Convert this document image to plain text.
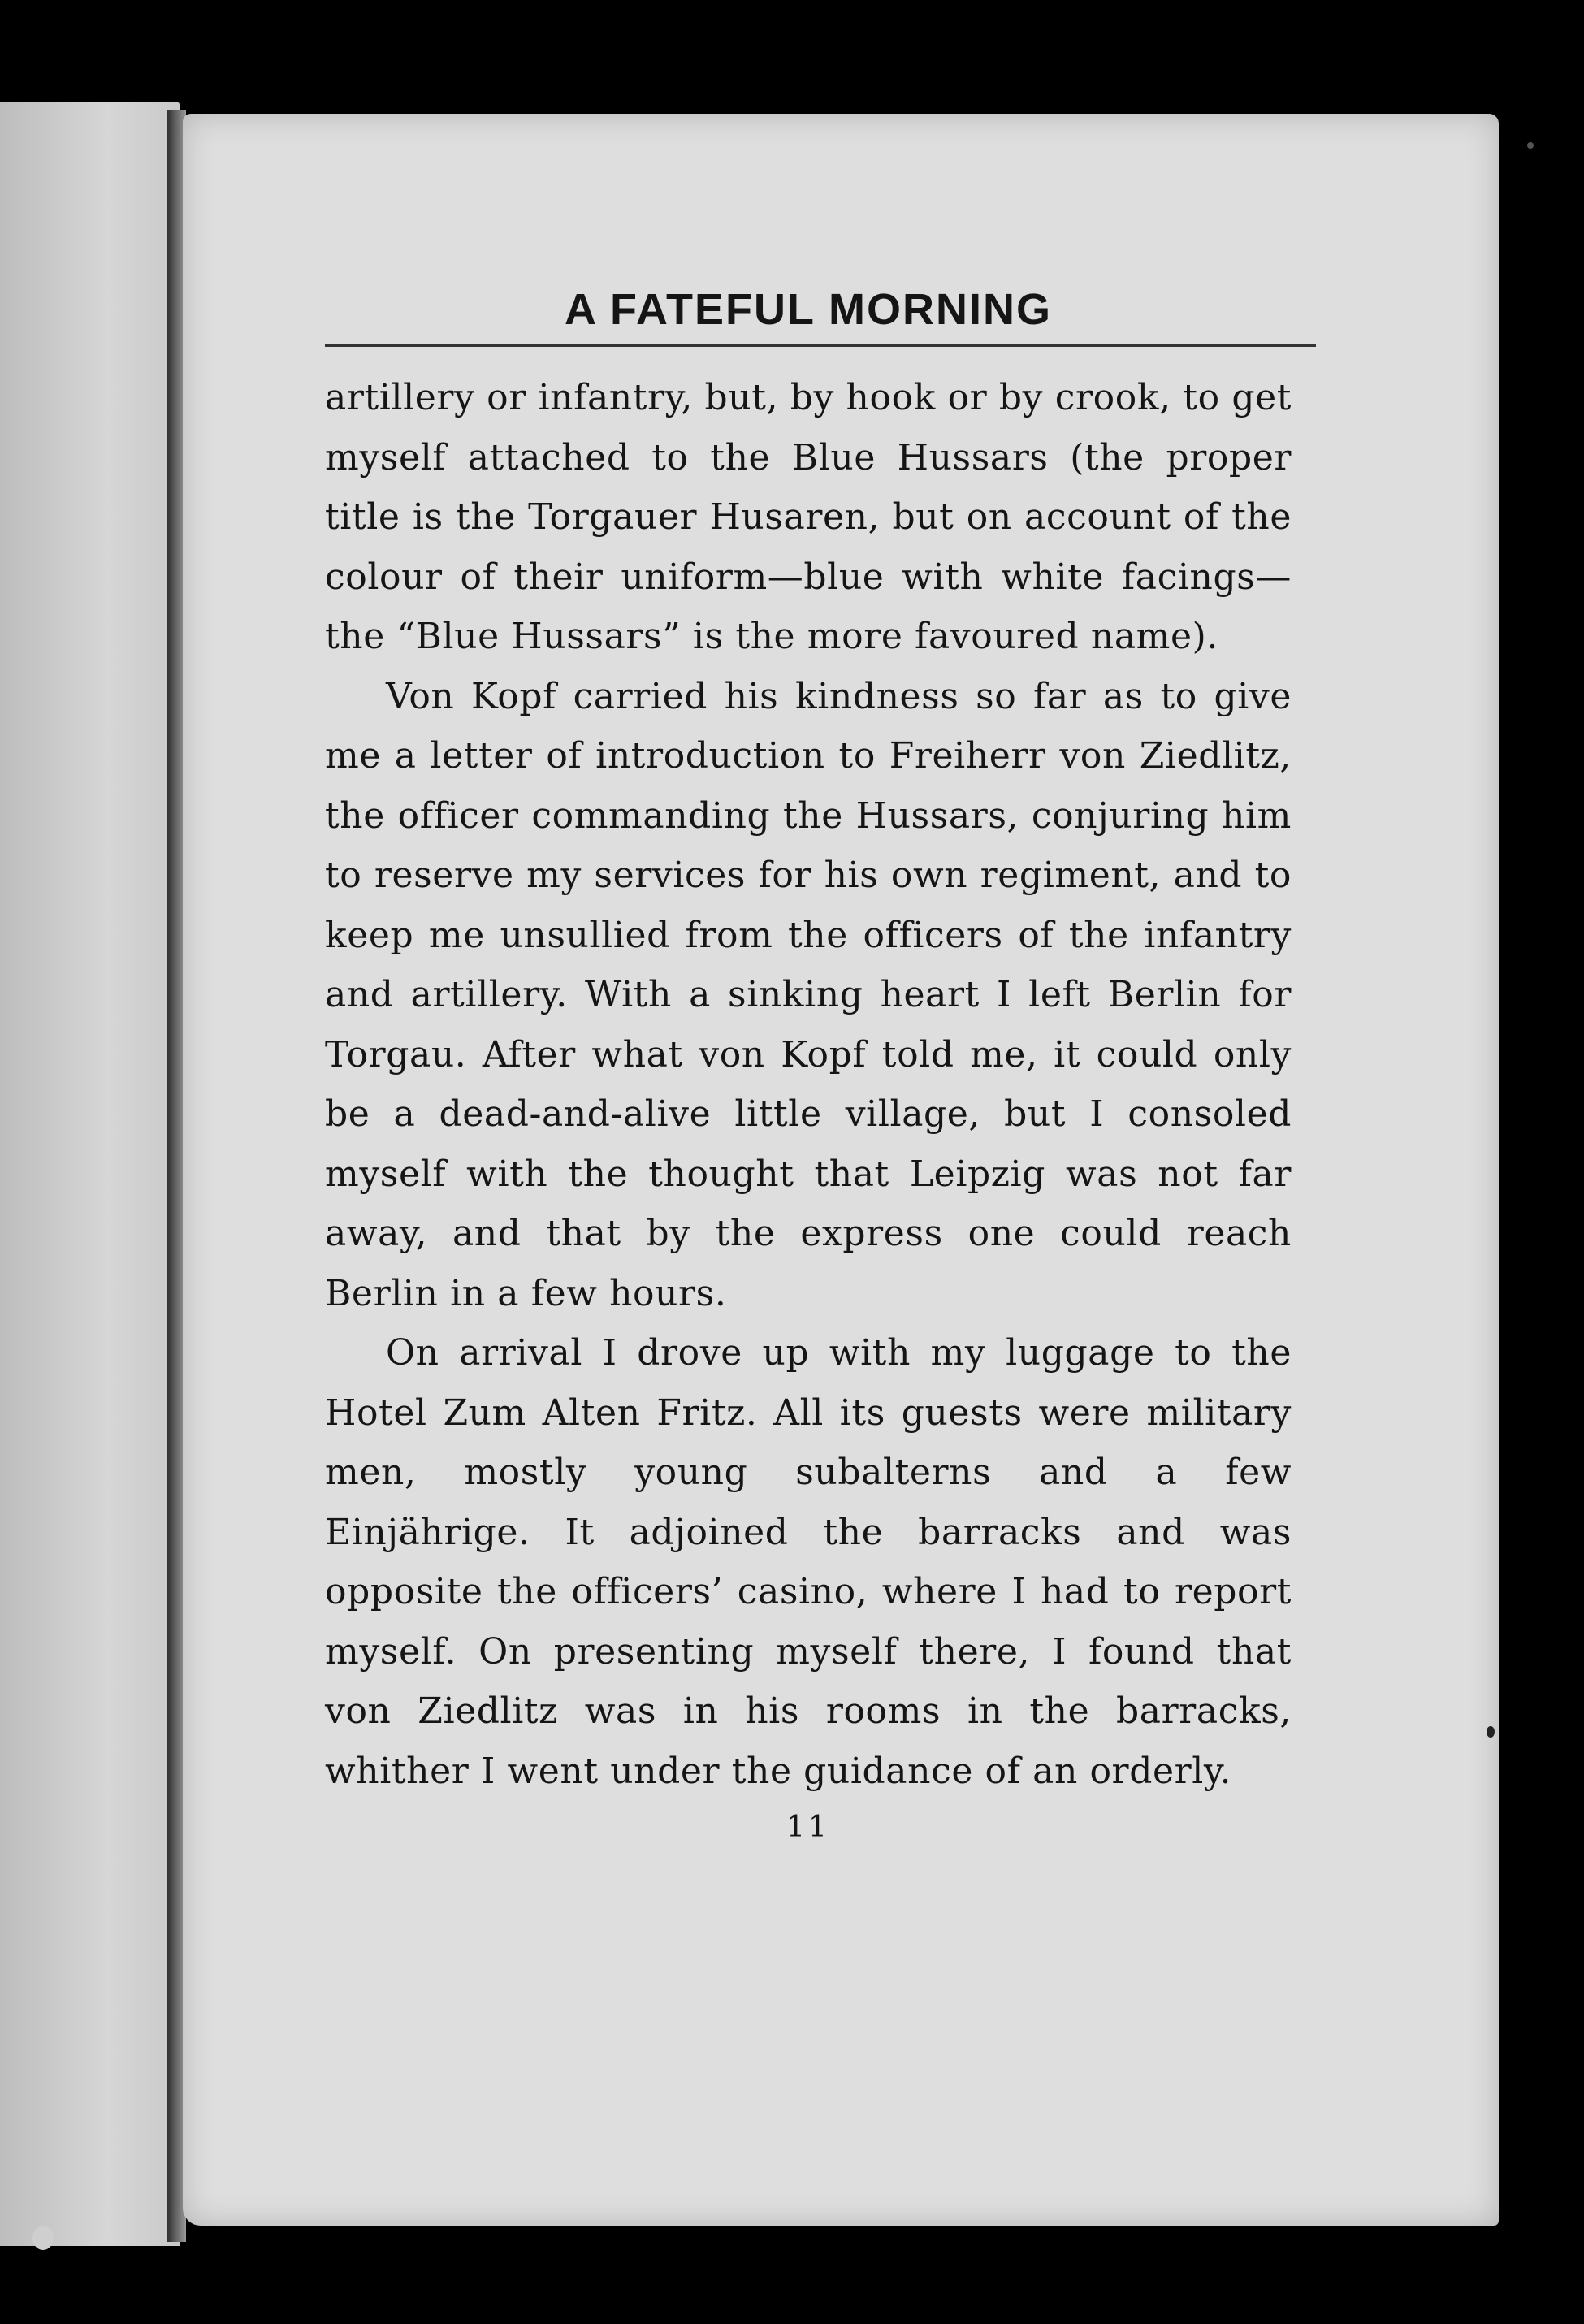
A FATEFUL MORNING

artillery or infantry, but, by hook or by crook, to get myself attached to the Blue Hussars (the proper title is the Torgauer Husaren, but on account of the colour of their uniform—blue with white facings—the “Blue Hussars” is the more favoured name).

Von Kopf carried his kindness so far as to give me a letter of introduction to Freiherr von Ziedlitz, the officer commanding the Hussars, conjuring him to reserve my services for his own regiment, and to keep me unsullied from the officers of the infantry and artillery. With a sinking heart I left Berlin for Torgau. After what von Kopf told me, it could only be a dead-and-alive little village, but I consoled myself with the thought that Leipzig was not far away, and that by the express one could reach Berlin in a few hours.

On arrival I drove up with my luggage to the Hotel Zum Alten Fritz. All its guests were military men, mostly young subalterns and a few Einjährige. It adjoined the barracks and was opposite the officers’ casino, where I had to report myself. On presenting myself there, I found that von Ziedlitz was in his rooms in the barracks, whither I went under the guidance of an orderly.

11
